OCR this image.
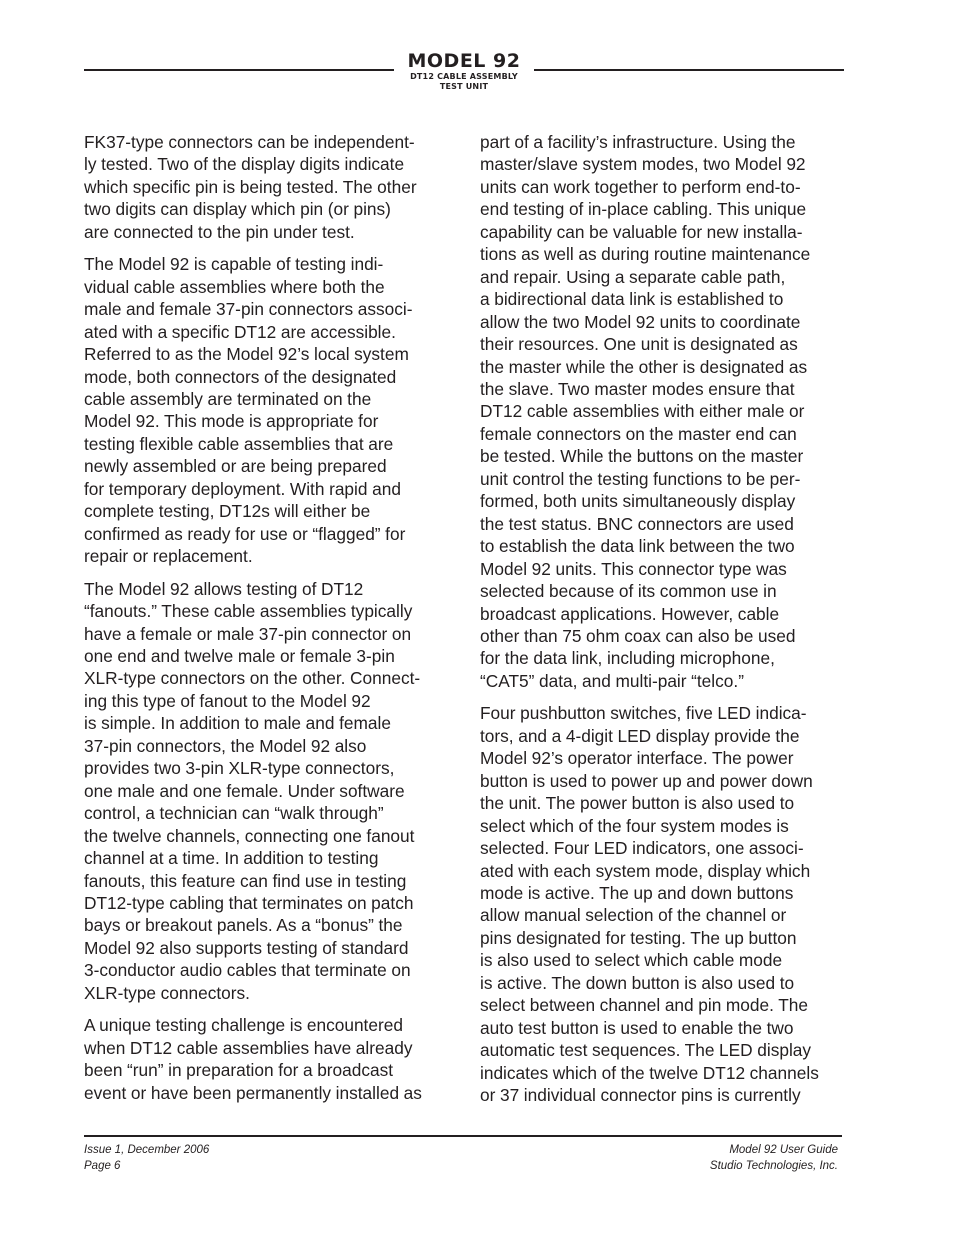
MODEL 92
DT12 CABLE ASSEMBLY
TEST UNIT

FK37-type connectors can be independent-
ly tested. Two of the display digits indicate
which specific pin is being tested. The other
two digits can display which pin (or pins)
are connected to the pin under test.

The Model 92 is capable of testing indi-
vidual cable assemblies where both the
male and female 37-pin connectors associ-
ated with a specific DT12 are accessible.
Referred to as the Model 92’s local system
mode, both connectors of the designated
cable assembly are terminated on the
Model 92. This mode is appropriate for
testing flexible cable assemblies that are
newly assembled or are being prepared
for temporary deployment. With rapid and
complete testing, DT12s will either be
confirmed as ready for use or “flagged” for
repair or replacement.

The Model 92 allows testing of DT12
“fanouts.” These cable assemblies typically
have a female or male 37-pin connector on
one end and twelve male or female 3-pin
XLR-type connectors on the other. Connect-
ing this type of fanout to the Model 92
is simple. In addition to male and female
37-pin connectors, the Model 92 also
provides two 3-pin XLR-type connectors,
one male and one female. Under software
control, a technician can “walk through”
the twelve channels, connecting one fanout
channel at a time. In addition to testing
fanouts, this feature can find use in testing
DT12-type cabling that terminates on patch
bays or breakout panels. As a “bonus” the
Model 92 also supports testing of standard
3-conductor audio cables that terminate on
XLR-type connectors.

A unique testing challenge is encountered
when DT12 cable assemblies have already
been “run” in preparation for a broadcast
event or have been permanently installed as

part of a facility’s infrastructure. Using the
master/slave system modes, two Model 92
units can work together to perform end-to-
end testing of in-place cabling. This unique
capability can be valuable for new installa-
tions as well as during routine maintenance
and repair. Using a separate cable path,
a bidirectional data link is established to
allow the two Model 92 units to coordinate
their resources. One unit is designated as
the master while the other is designated as
the slave. Two master modes ensure that
DT12 cable assemblies with either male or
female connectors on the master end can
be tested. While the buttons on the master
unit control the testing functions to be per-
formed, both units simultaneously display
the test status. BNC connectors are used
to establish the data link between the two
Model 92 units. This connector type was
selected because of its common use in
broadcast applications. However, cable
other than 75 ohm coax can also be used
for the data link, including microphone,
“CAT5” data, and multi-pair “telco.”

Four pushbutton switches, five LED indica-
tors, and a 4-digit LED display provide the
Model 92’s operator interface. The power
button is used to power up and power down
the unit. The power button is also used to
select which of the four system modes is
selected. Four LED indicators, one associ-
ated with each system mode, display which
mode is active. The up and down buttons
allow manual selection of the channel or
pins designated for testing. The up button
is also used to select which cable mode
is active. The down button is also used to
select between channel and pin mode. The
auto test button is used to enable the two
automatic test sequences. The LED display
indicates which of the twelve DT12 channels
or 37 individual connector pins is currently

Issue 1, December 2006
Page 6
Model 92 User Guide
Studio Technologies, Inc.
